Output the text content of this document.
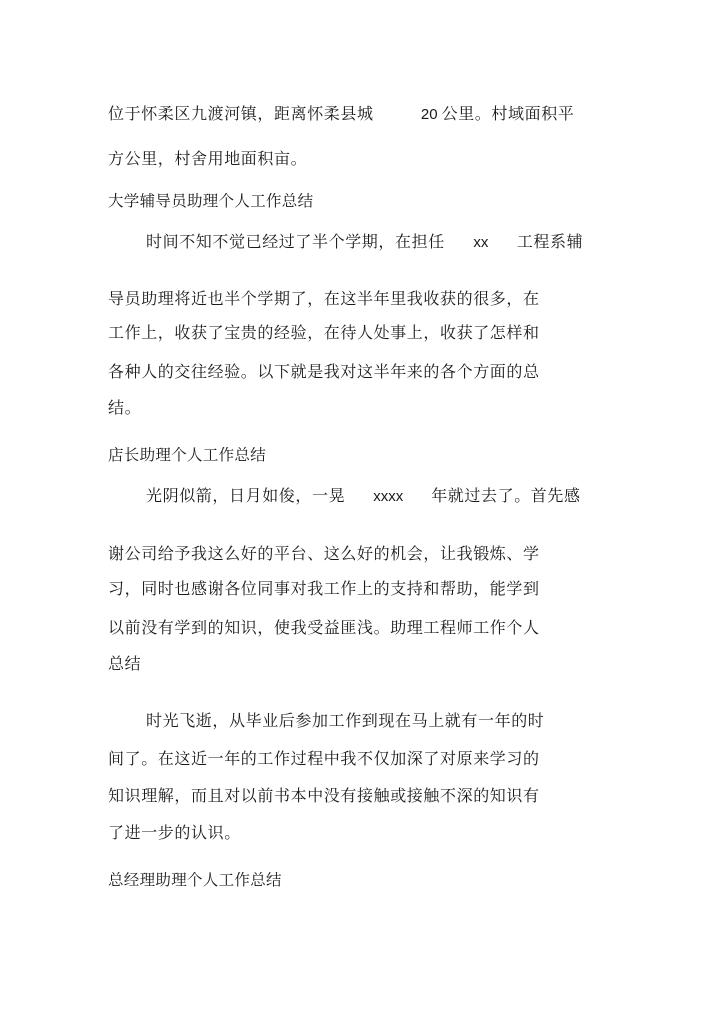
位于怀柔区九渡河镇，距离怀柔县城	20 公里。村域面积平

方公里，村舍用地面积亩。

大学辅导员助理个人工作总结

时间不知不觉已经过了半个学期，在担任 xx 工程系辅

导员助理将近也半个学期了，在这半年里我收获的很多，在

工作上，收获了宝贵的经验，在待人处事上，收获了怎样和

各种人的交往经验。以下就是我对这半年来的各个方面的总

结。

店长助理个人工作总结

光阴似箭，日月如俊，一晃 xxxx 年就过去了。首先感

谢公司给予我这么好的平台、这么好的机会，让我锻炼、学

习，同时也感谢各位同事对我工作上的支持和帮助，能学到

以前没有学到的知识，使我受益匪浅。助理工程师工作个人

总结

时光飞逝，从毕业后参加工作到现在马上就有一年的时

间了。在这近一年的工作过程中我不仅加深了对原来学习的

知识理解，而且对以前书本中没有接触或接触不深的知识有

了进一步的认识。

总经理助理个人工作总结
